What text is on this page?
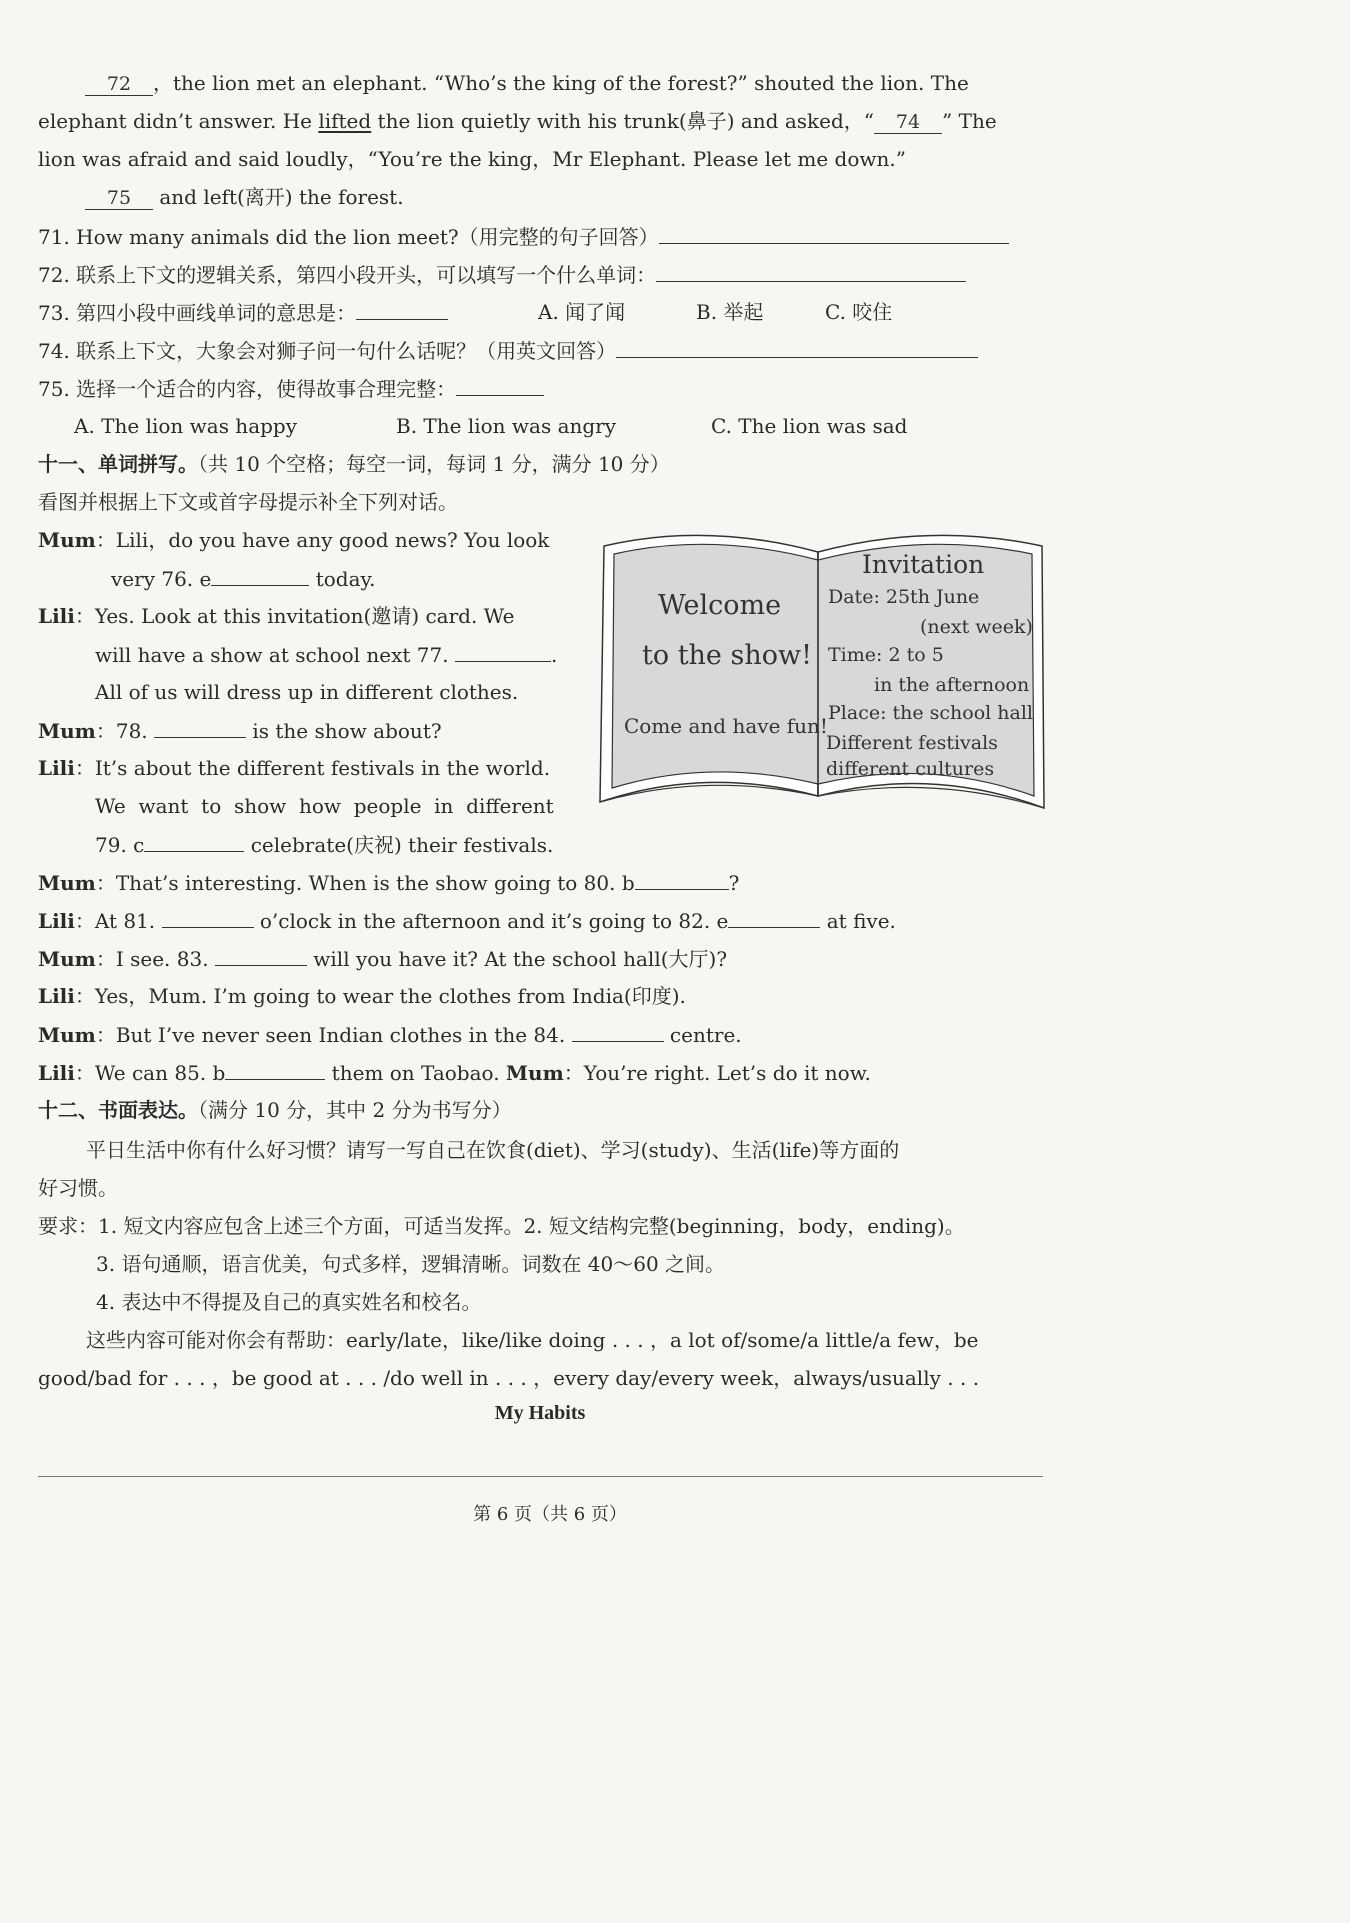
72 ，the lion met an elephant. “Who’s the king of the forest?” shouted the lion. The
elephant didn’t answer. He lifted the lion quietly with his trunk(鼻子) and asked，“ 74 ” The
lion was afraid and said loudly，“You’re the king，Mr Elephant. Please let me down.”
75 and left(离开) the forest.
71. How many animals did the lion meet?（用完整的句子回答）
72. 联系上下文的逻辑关系，第四小段开头，可以填写一个什么单词：
73. 第四小段中画线单词的意思是：	A. 闻了闻	B. 举起	C. 咬住
74. 联系上下文，大象会对狮子问一句什么话呢？（用英文回答）
75. 选择一个适合的内容，使得故事合理完整：
A. The lion was happy	B. The lion was angry	C. The lion was sad
十一、单词拼写。（共 10 个空格；每空一词，每词 1 分，满分 10 分）
看图并根据上下文或首字母提示补全下列对话。
Mum：Lili，do you have any good news? You look
very 76. e	today.
Lili：Yes. Look at this invitation(邀请) card. We
will have a show at school next 77.	.
All of us will dress up in different clothes.
Mum：78.	is the show about?
Lili：It’s about the different festivals in the world.
We  want  to  show  how  people  in  different
79. c	celebrate(庆祝) their festivals.
Mum：That’s interesting. When is the show going to 80. b	?
Lili：At 81.	o’clock in the afternoon and it’s going to 82. e	at five.
Mum：I see. 83.	will you have it? At the school hall(大厅)?
Lili：Yes，Mum. I’m going to wear the clothes from India(印度).
Mum：But I’ve never seen Indian clothes in the 84.	centre.
Lili：We can 85. b	them on Taobao. Mum：You’re right. Let’s do it now.
Welcome
to the show!
Come and have fun!
Invitation
Date: 25th June
(next week)
Time: 2 to 5
in the afternoon
Place: the school hall
Different festivals
different cultures
十二、书面表达。（满分 10 分，其中 2 分为书写分）
平日生活中你有什么好习惯？请写一写自己在饮食(diet)、学习(study)、生活(life)等方面的
好习惯。
要求：1. 短文内容应包含上述三个方面，可适当发挥。2. 短文结构完整(beginning，body，ending)。
3. 语句通顺，语言优美，句式多样，逻辑清晰。词数在 40～60 之间。
4. 表达中不得提及自己的真实姓名和校名。
这些内容可能对你会有帮助：early/late，like/like doing . . . ，a lot of/some/a little/a few，be
good/bad for . . . ，be good at . . . /do well in . . . ，every day/every week，always/usually . . .
My Habits
第 6 页（共 6 页）
